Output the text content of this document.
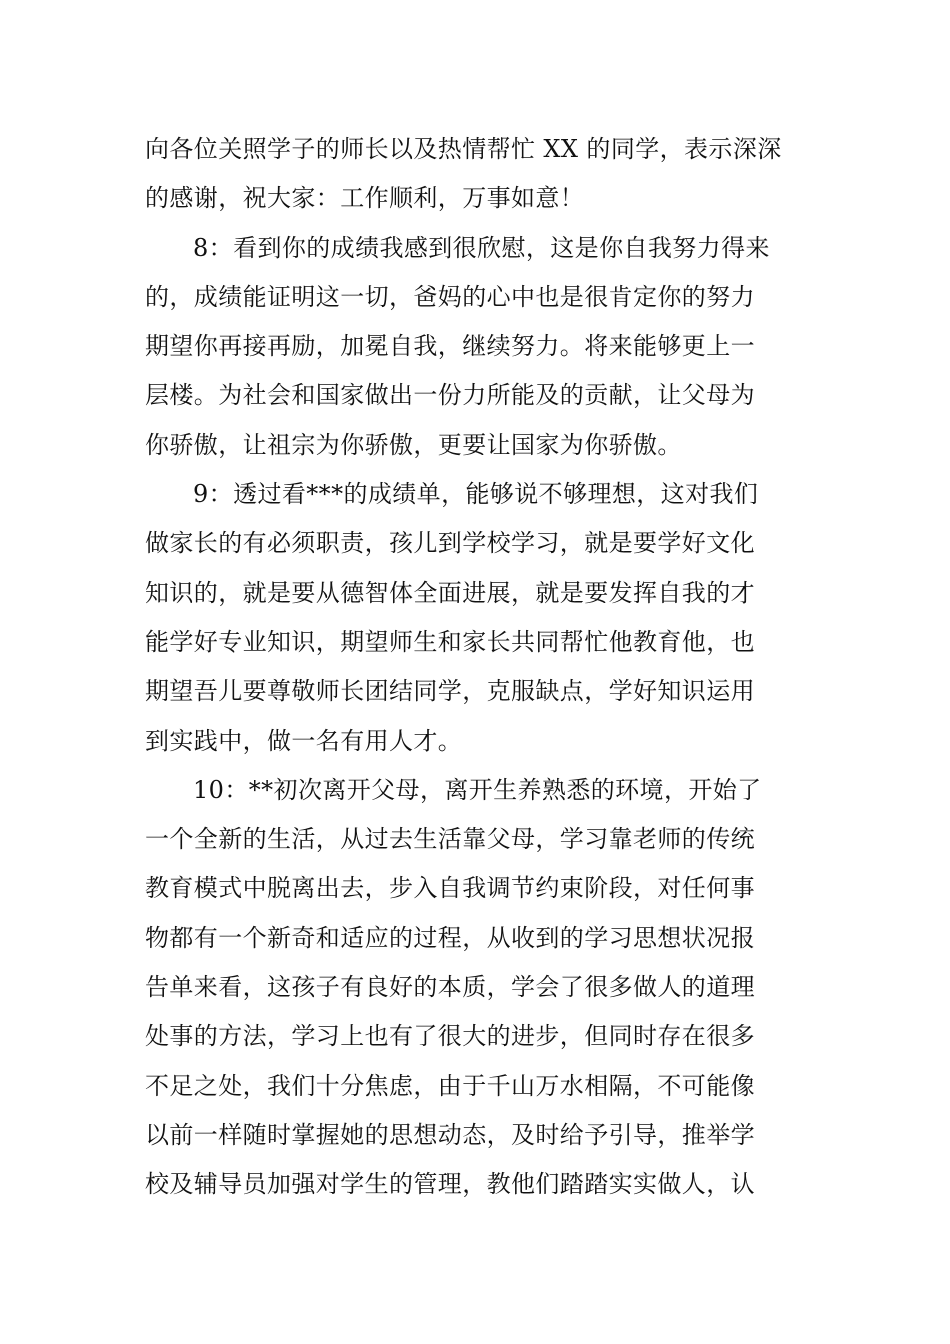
向各位关照学子的师长以及热情帮忙 XX 的同学，表示深深
的感谢，祝大家：工作顺利，万事如意！
8：看到你的成绩我感到很欣慰，这是你自我努力得来
的，成绩能证明这一切，爸妈的心中也是很肯定你的努力
期望你再接再励，加冕自我，继续努力。将来能够更上一
层楼。为社会和国家做出一份力所能及的贡献，让父母为
你骄傲，让祖宗为你骄傲，更要让国家为你骄傲。
9：透过看***的成绩单，能够说不够理想，这对我们
做家长的有必须职责，孩儿到学校学习，就是要学好文化
知识的，就是要从德智体全面进展，就是要发挥自我的才
能学好专业知识，期望师生和家长共同帮忙他教育他，也
期望吾儿要尊敬师长团结同学，克服缺点，学好知识运用
到实践中，做一名有用人才。
10：**初次离开父母，离开生养熟悉的环境，开始了
一个全新的生活，从过去生活靠父母，学习靠老师的传统
教育模式中脱离出去，步入自我调节约束阶段，对任何事
物都有一个新奇和适应的过程，从收到的学习思想状况报
告单来看，这孩子有良好的本质，学会了很多做人的道理
处事的方法，学习上也有了很大的进步，但同时存在很多
不足之处，我们十分焦虑，由于千山万水相隔，不可能像
以前一样随时掌握她的思想动态，及时给予引导，推举学
校及辅导员加强对学生的管理，教他们踏踏实实做人，认
